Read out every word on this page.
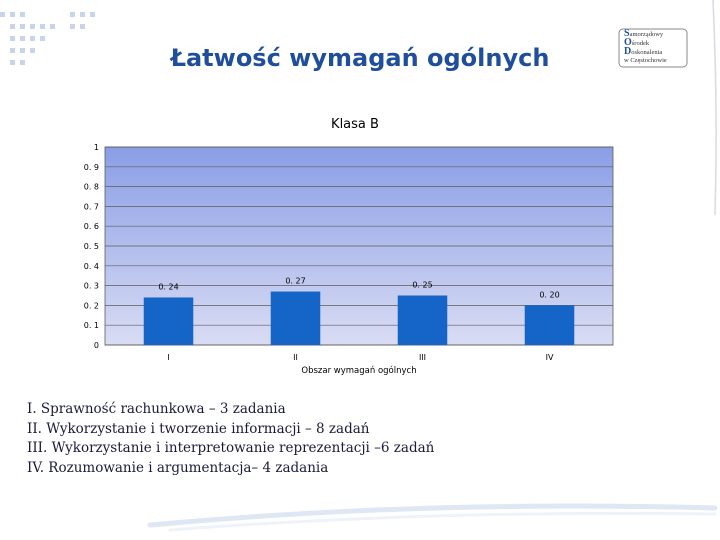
Łatwość wymagań ogólnych
Samorządowy
Ośrodek
Doskonalenia
w Częstochowie
Klasa B
0
0. 1
0. 2
0. 3
0. 4
0. 5
0. 6
0. 7
0. 8
0. 9
1
I	II	III	IV
0. 24
0. 27	0. 25
0. 20
Obszar wymagań ogólnych
I. Sprawność rachunkowa – 3 zadania
II. Wykorzystanie i tworzenie informacji – 8 zadań
III. Wykorzystanie i interpretowanie reprezentacji –6 zadań
IV. Rozumowanie i argumentacja– 4 zadania
